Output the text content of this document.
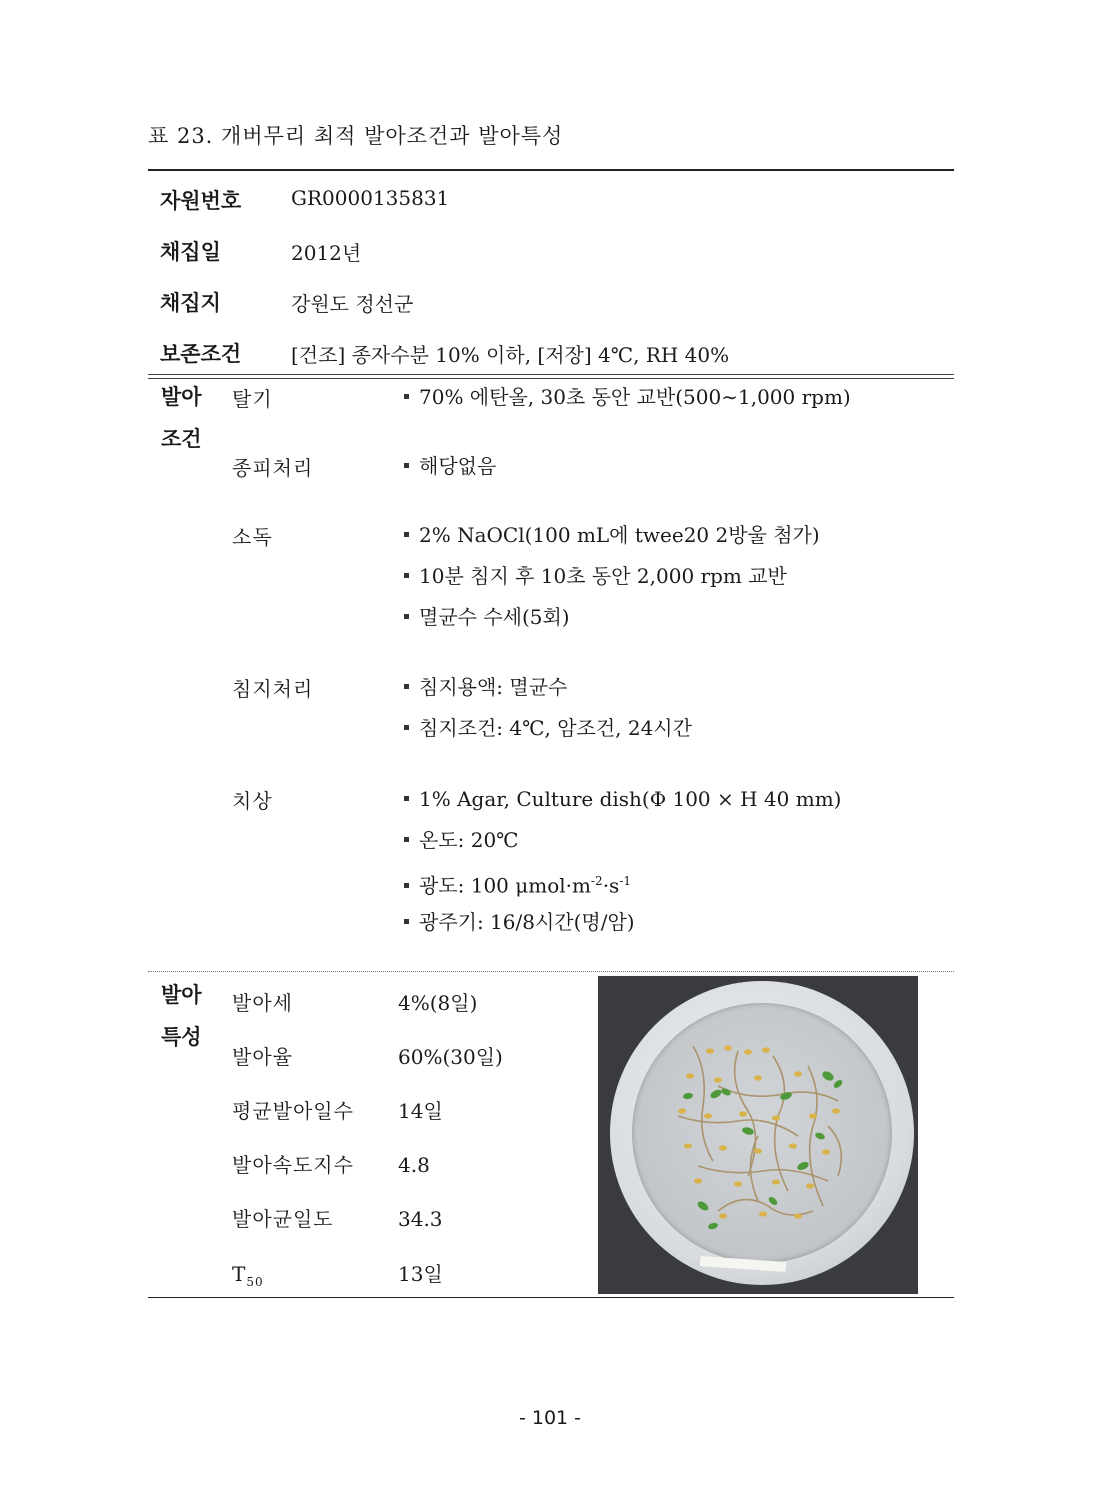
표 23. 개버무리 최적 발아조건과 발아특성
자원번호 GR0000135831
채집일	2012년
채집지	강원도 정선군
보존조건 [건조] 종자수분 10% 이하, [저장] 4℃, RH 40%
발아
조건
탈기	70% 에탄올, 30초 동안 교반(500∼1,000 rpm)
종피처리	해당없음
소독	2% NaOCl(100 mL에 twee20 2방울 첨가)
10분 침지 후 10초 동안 2,000 rpm 교반
멸균수 수세(5회)
침지처리	침지용액: 멸균수
침지조건: 4℃, 암조건, 24시간
치상	1% Agar, Culture dish(Φ 100 × H 40 mm)
온도: 20℃
광도: 100 $\mu mol\cdot m^{-2}\cdot s^{-1}$
광주기: 16/8시간(명/암)
발아
특성
발아세	4%(8일)
발아율	60%(30일)
평균발아일수 14일
발아속도지수 4.8
발아균일도	34.3
$T_{50}$	13일
- 101 -
